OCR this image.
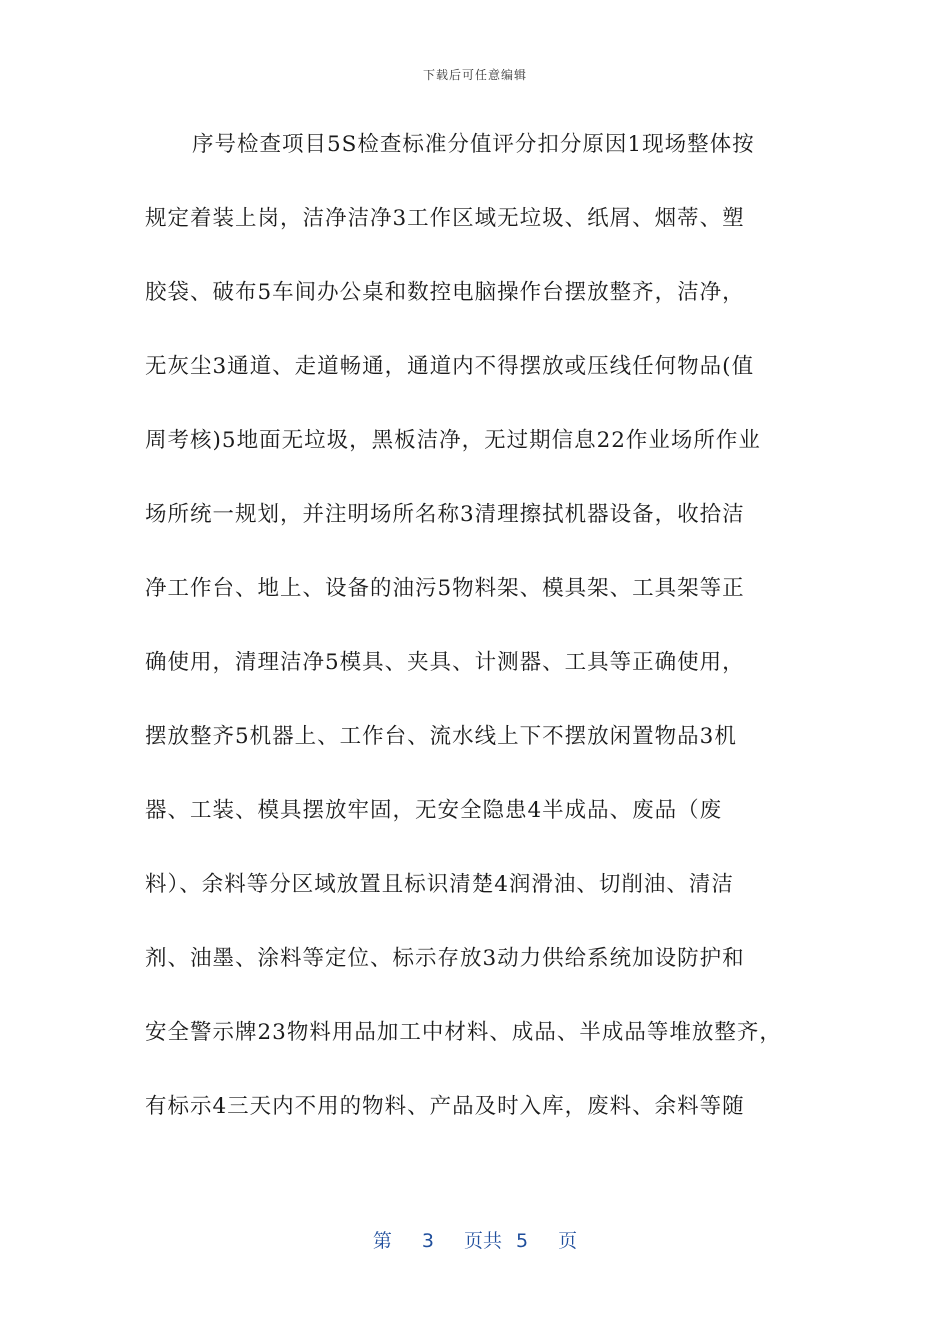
下载后可任意编辑
序号检查项目5S检查标准分值评分扣分原因1现场整体按
规定着装上岗，洁净洁净3工作区域无垃圾、纸屑、烟蒂、塑
胶袋、破布5车间办公桌和数控电脑操作台摆放整齐，洁净，
无灰尘3通道、走道畅通，通道内不得摆放或压线任何物品(值
周考核)5地面无垃圾，黑板洁净，无过期信息22作业场所作业
场所统一规划，并注明场所名称3清理擦拭机器设备，收拾洁
净工作台、地上、设备的油污5物料架、模具架、工具架等正
确使用，清理洁净5模具、夹具、计测器、工具等正确使用，
摆放整齐5机器上、工作台、流水线上下不摆放闲置物品3机
器、工装、模具摆放牢固，无安全隐患4半成品、废品（废
料）、余料等分区域放置且标识清楚4润滑油、切削油、清洁
剂、油墨、涂料等定位、标示存放3动力供给系统加设防护和
安全警示牌23物料用品加工中材料、成品、半成品等堆放整齐，
有标示4三天内不用的物料、产品及时入库，废料、余料等随
第 3 页共 5 页
